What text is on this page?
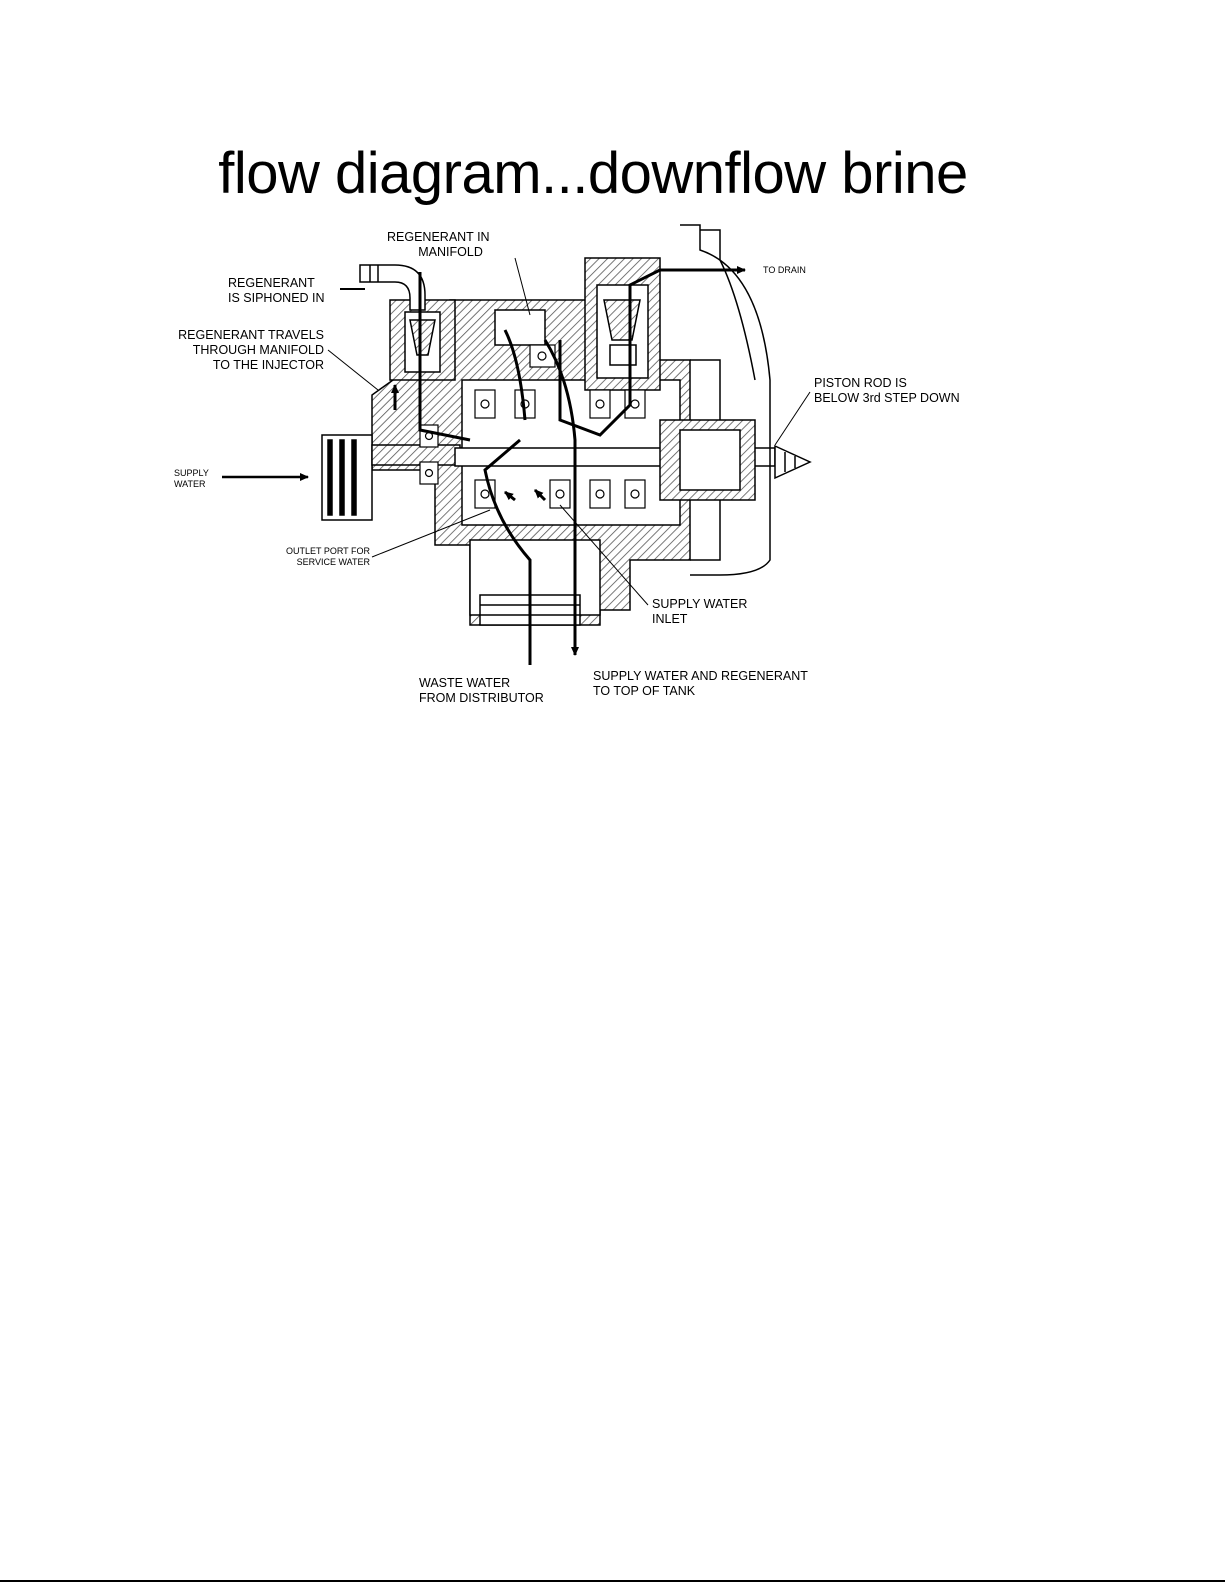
flow diagram...downflow brine
REGENERANT IN
MANIFOLD
TO DRAIN
REGENERANT
IS SIPHONED IN
REGENERANT TRAVELS
THROUGH MANIFOLD
TO THE INJECTOR
PISTON ROD IS
BELOW 3rd STEP DOWN
SUPPLY
WATER
OUTLET PORT FOR
SERVICE WATER
SUPPLY WATER
INLET
WASTE WATER
FROM DISTRIBUTOR
SUPPLY WATER AND REGENERANT
TO TOP OF TANK
